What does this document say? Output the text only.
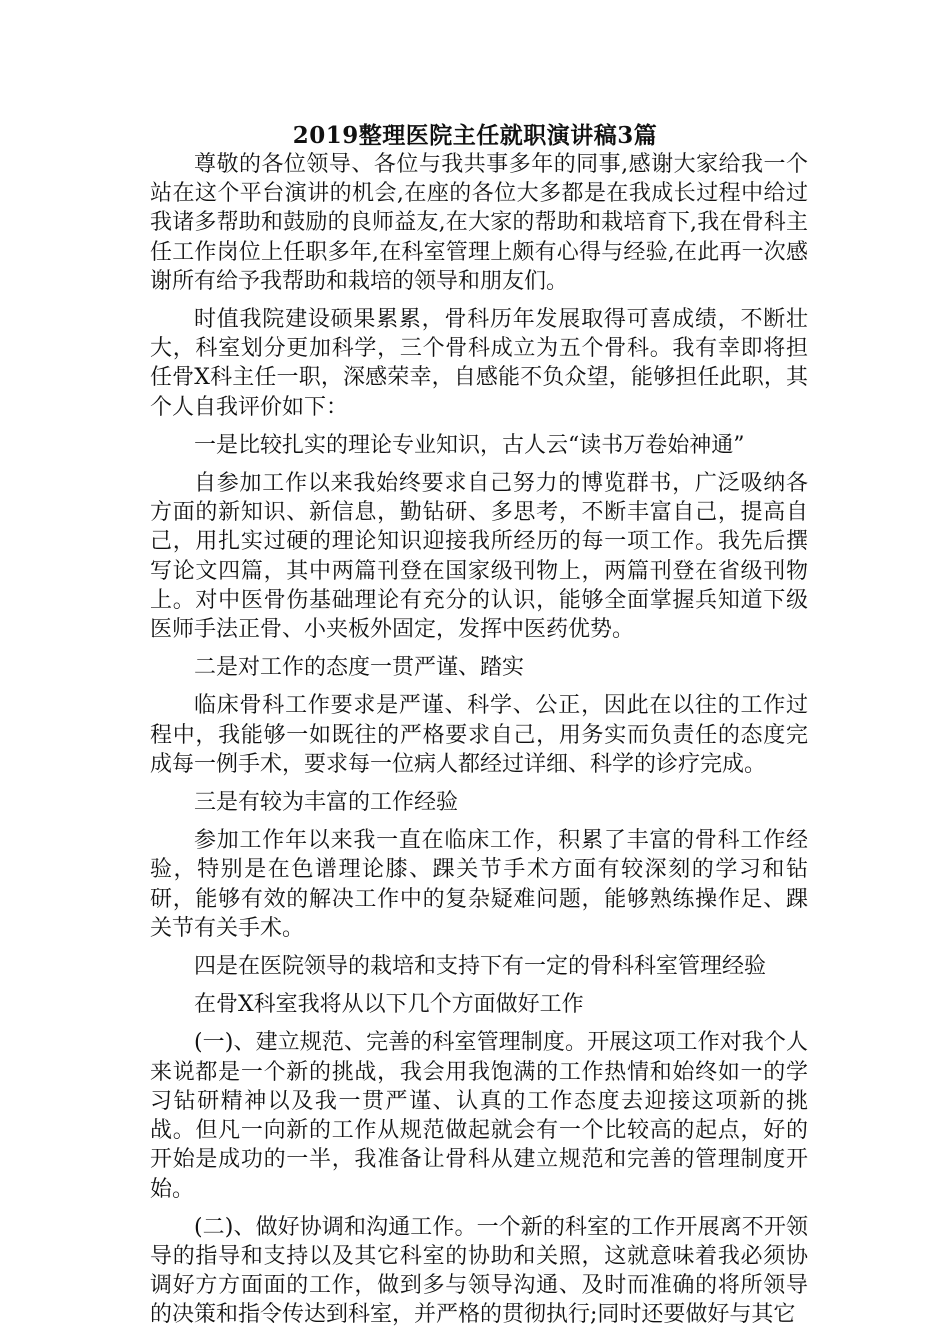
2019整理医院主任就职演讲稿3篇

尊敬的各位领导、各位与我共事多年的同事,感谢大家给我一个站在这个平台演讲的机会,在座的各位大多都是在我成长过程中给过我诸多帮助和鼓励的良师益友,在大家的帮助和栽培育下,我在骨科主任工作岗位上任职多年,在科室管理上颇有心得与经验,在此再一次感谢所有给予我帮助和栽培的领导和朋友们。

时值我院建设硕果累累，骨科历年发展取得可喜成绩，不断壮大，科室划分更加科学，三个骨科成立为五个骨科。我有幸即将担任骨X科主任一职，深感荣幸，自感能不负众望，能够担任此职，其个人自我评价如下：

一是比较扎实的理论专业知识，古人云“读书万卷始神通”

自参加工作以来我始终要求自己努力的博览群书，广泛吸纳各方面的新知识、新信息，勤钻研、多思考，不断丰富自己，提高自己，用扎实过硬的理论知识迎接我所经历的每一项工作。我先后撰写论文四篇，其中两篇刊登在国家级刊物上，两篇刊登在省级刊物上。对中医骨伤基础理论有充分的认识，能够全面掌握兵知道下级医师手法正骨、小夹板外固定，发挥中医药优势。

二是对工作的态度一贯严谨、踏实

临床骨科工作要求是严谨、科学、公正，因此在以往的工作过程中，我能够一如既往的严格要求自己，用务实而负责任的态度完成每一例手术，要求每一位病人都经过详细、科学的诊疗完成。

三是有较为丰富的工作经验

参加工作年以来我一直在临床工作，积累了丰富的骨科工作经验，特别是在色谱理论膝、踝关节手术方面有较深刻的学习和钻研，能够有效的解决工作中的复杂疑难问题，能够熟练操作足、踝关节有关手术。

四是在医院领导的栽培和支持下有一定的骨科科室管理经验

在骨X科室我将从以下几个方面做好工作

(一)、建立规范、完善的科室管理制度。开展这项工作对我个人来说都是一个新的挑战，我会用我饱满的工作热情和始终如一的学习钻研精神以及我一贯严谨、认真的工作态度去迎接这项新的挑战。但凡一向新的工作从规范做起就会有一个比较高的起点，好的开始是成功的一半，我准备让骨科从建立规范和完善的管理制度开始。

(二)、做好协调和沟通工作。一个新的科室的工作开展离不开领导的指导和支持以及其它科室的协助和关照，这就意味着我必须协调好方方面面的工作，做到多与领导沟通、及时而准确的将所领导的决策和指令传达到科室，并严格的贯彻执行;同时还要做好与其它
